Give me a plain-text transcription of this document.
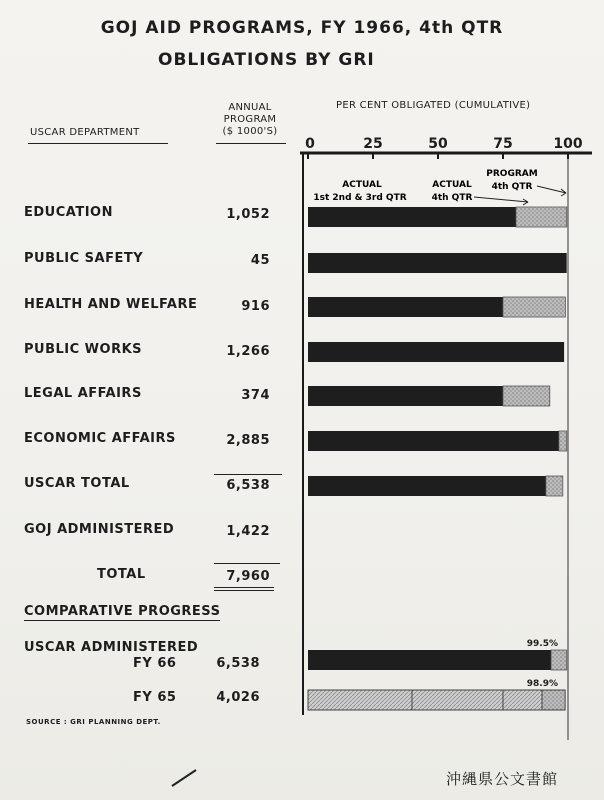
GOJ AID PROGRAMS, FY 1966, 4th QTR
OBLIGATIONS BY GRI
ANNUAL
PROGRAM
($ 1000'S)
USCAR DEPARTMENT
PER CENT OBLIGATED (CUMULATIVE)
EDUCATION	1,052
PUBLIC SAFETY	45
HEALTH AND WELFARE	916
PUBLIC WORKS	1,266
LEGAL AFFAIRS	374
ECONOMIC AFFAIRS	2,885
USCAR TOTAL	6,538
GOJ ADMINISTERED	1,422
TOTAL	7,960
FY 66	6,538
FY 65	4,026
COMPARATIVE PROGRESS
USCAR ADMINISTERED
SOURCE : GRI PLANNING DEPT.
沖縄県公文書館
0	25	50	75	100
99.5%
98.9%
ACTUAL
1st 2nd & 3rd QTR
ACTUAL
4th QTR
PROGRAM
4th QTR
